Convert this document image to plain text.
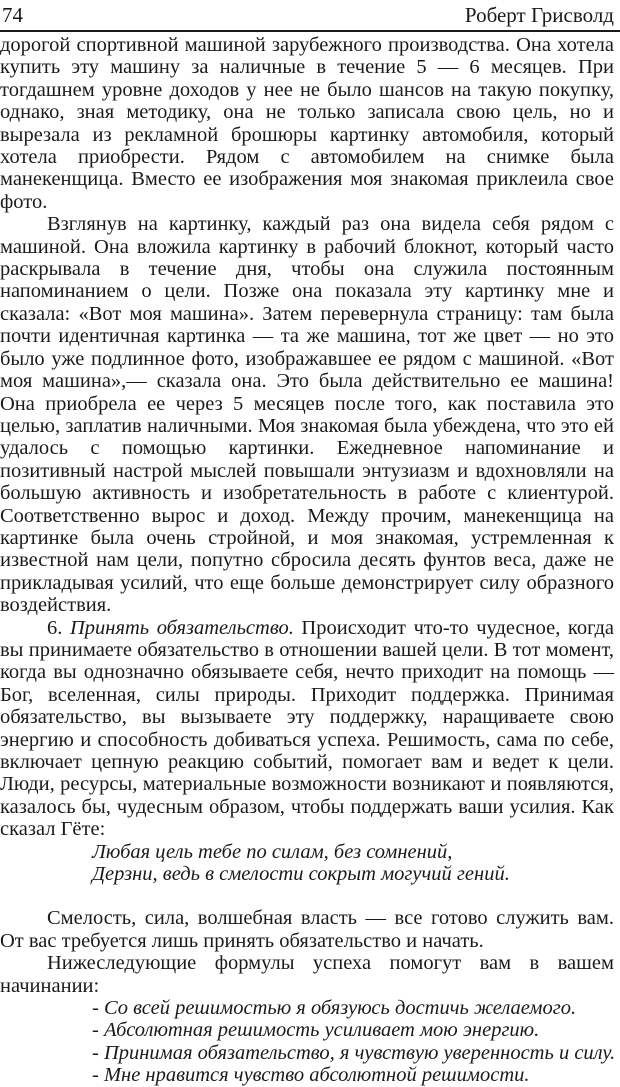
74	Роберт Грисволд

дорогой спортивной машиной зарубежного производства. Она хотела купить эту машину за наличные в течение 5 — 6 месяцев. При тогдашнем уровне доходов у нее не было шансов на такую покупку, однако, зная методику, она не только записала свою цель, но и вырезала из рекламной брошюры картинку автомобиля, который хотела приобрести. Рядом с автомобилем на снимке была манекенщица. Вместо ее изображения моя знакомая приклеила свое фото.

Взглянув на картинку, каждый раз она видела себя рядом с машиной. Она вложила картинку в рабочий блокнот, который часто раскрывала в течение дня, чтобы она служила постоянным напоминанием о цели. Позже она показала эту картинку мне и сказала: «Вот моя машина». Затем перевернула страницу: там была почти идентичная картинка — та же машина, тот же цвет — но это было уже подлинное фото, изображавшее ее рядом с машиной. «Вот моя машина»,— сказала она. Это была действительно ее машина! Она приобрела ее через 5 месяцев после того, как поставила это целью, заплатив наличными. Моя знакомая была убеждена, что это ей удалось с помощью картинки. Ежедневное напоминание и позитивный настрой мыслей повышали энтузиазм и вдохновляли на большую активность и изобретательность в работе с клиентурой. Соответственно вырос и доход. Между прочим, манекенщица на картинке была очень стройной, и моя знакомая, устремленная к известной нам цели, попутно сбросила десять фунтов веса, даже не прикладывая усилий, что еще больше демонстрирует силу образного воздействия.

6. Принять обязательство. Происходит что-то чудесное, когда вы принимаете обязательство в отношении вашей цели. В тот момент, когда вы однозначно обязываете себя, нечто приходит на помощь — Бог, вселенная, силы природы. Приходит поддержка. Принимая обязательство, вы вызываете эту поддержку, наращиваете свою энергию и способность добиваться успеха. Решимость, сама по себе, включает цепную реакцию событий, помогает вам и ведет к цели. Люди, ресурсы, материальные возможности возникают и появляются, казалось бы, чудесным образом, чтобы поддержать ваши усилия. Как сказал Гёте:

Любая цель тебе по силам, без сомнений,
Дерзни, ведь в смелости сокрыт могучий гений.

Смелость, сила, волшебная власть — все готово служить вам. От вас требуется лишь принять обязательство и начать.

Нижеследующие формулы успеха помогут вам в вашем начинании:

- Со всей решимостью я обязуюсь достичь желаемого.
- Абсолютная решимость усиливает мою энергию.
- Принимая обязательство, я чувствую уверенность и силу.
- Мне нравится чувство абсолютной решимости.
